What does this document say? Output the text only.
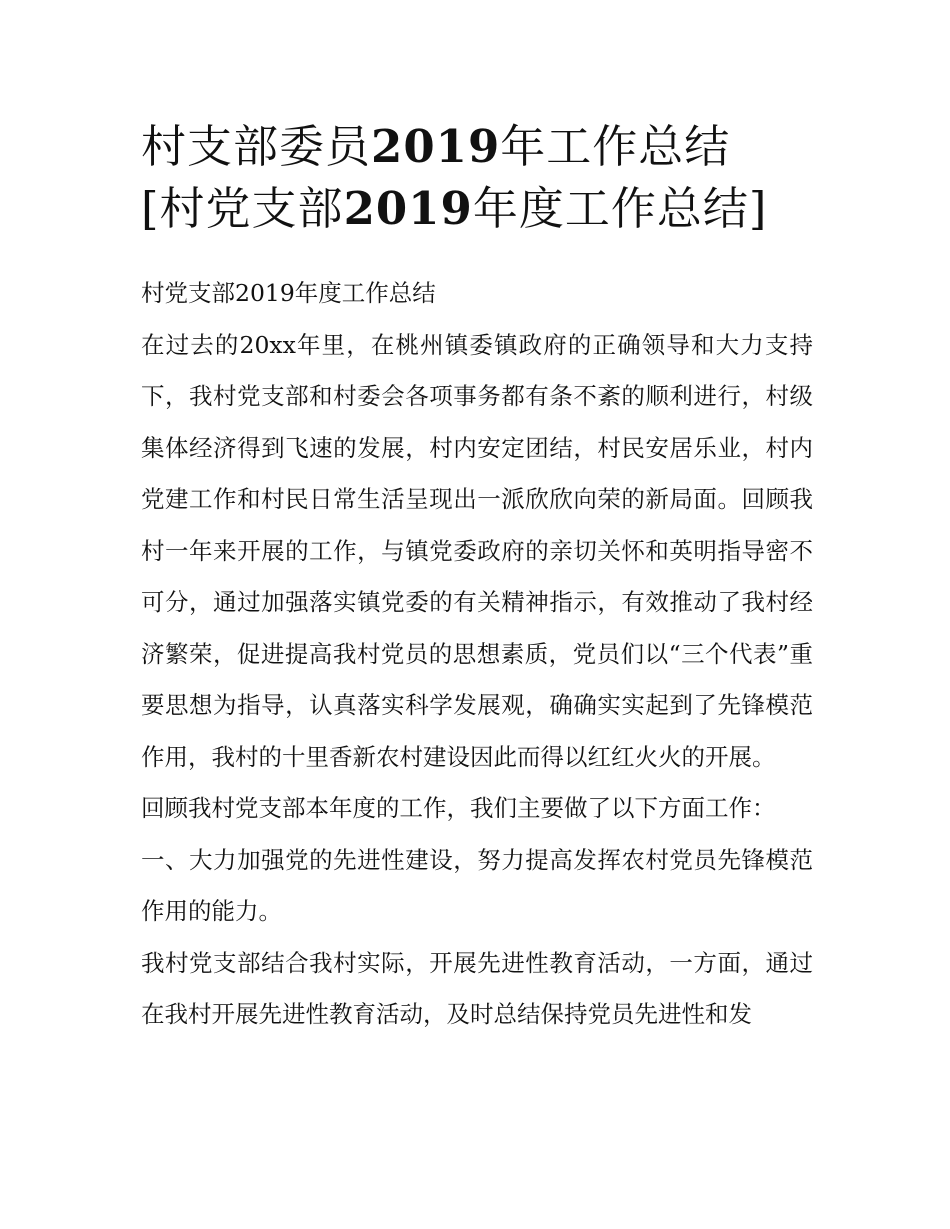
村支部委员2019年工作总结
[村党支部2019年度工作总结]

村党支部2019年度工作总结

在过去的20xx年里，在桃州镇委镇政府的正确领导和大力支持下，我村党支部和村委会各项事务都有条不紊的顺利进行，村级集体经济得到飞速的发展，村内安定团结，村民安居乐业，村内党建工作和村民日常生活呈现出一派欣欣向荣的新局面。回顾我村一年来开展的工作，与镇党委政府的亲切关怀和英明指导密不可分，通过加强落实镇党委的有关精神指示，有效推动了我村经济繁荣，促进提高我村党员的思想素质，党员们以“三个代表”重要思想为指导，认真落实科学发展观，确确实实起到了先锋模范作用，我村的十里香新农村建设因此而得以红红火火的开展。

回顾我村党支部本年度的工作，我们主要做了以下方面工作：

一、大力加强党的先进性建设，努力提高发挥农村党员先锋模范作用的能力。

我村党支部结合我村实际，开展先进性教育活动，一方面，通过在我村开展先进性教育活动，及时总结保持党员先进性和发
